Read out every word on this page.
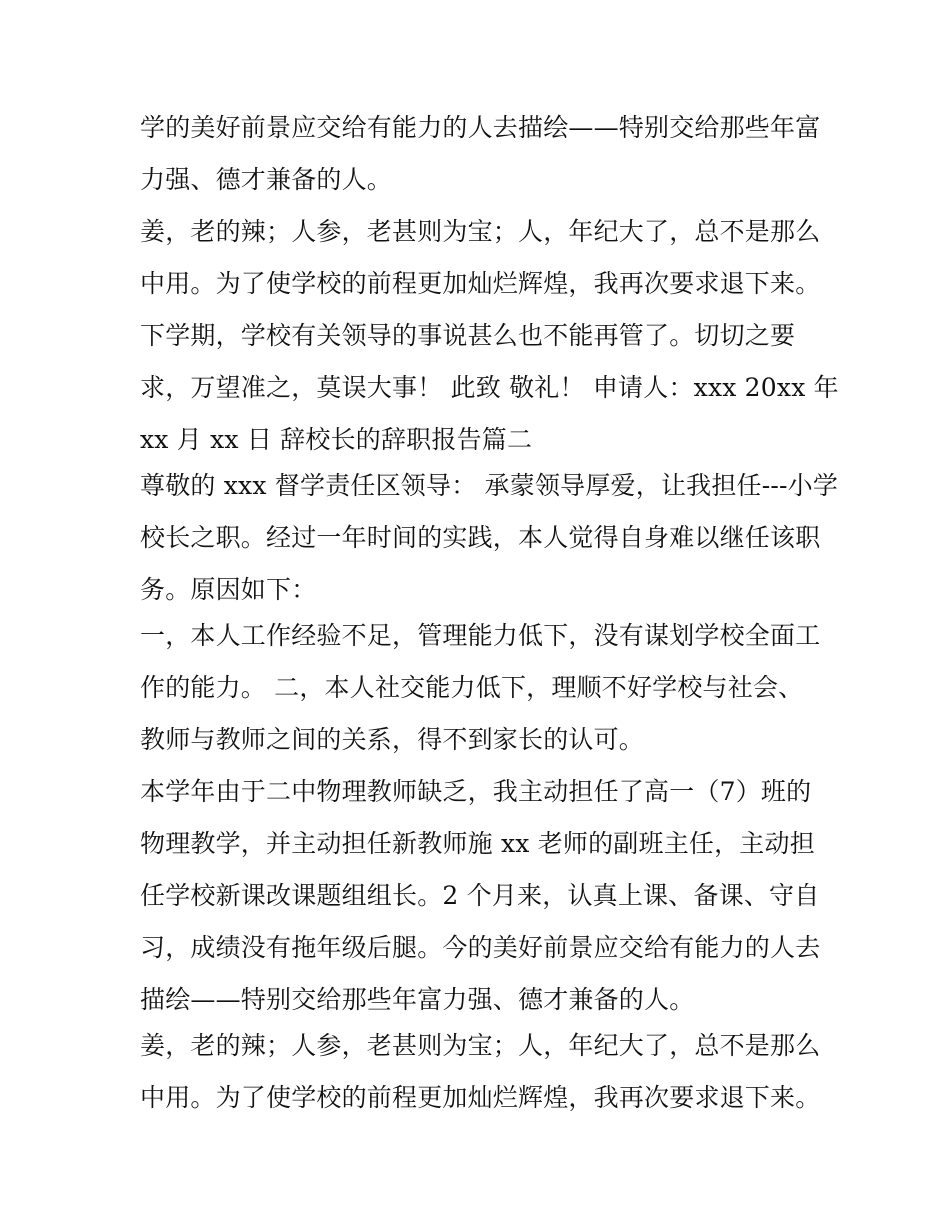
学的美好前景应交给有能力的人去描绘——特别交给那些年富
力强、德才兼备的人。
姜，老的辣；人参，老甚则为宝；人，年纪大了，总不是那么
中用。为了使学校的前程更加灿烂辉煌，我再次要求退下来。
下学期，学校有关领导的事说甚么也不能再管了。切切之要
求，万望准之，莫误大事！ 此致 敬礼！ 申请人：xxx 20xx 年
xx 月 xx 日 辞校长的辞职报告篇二
尊敬的 xxx 督学责任区领导： 承蒙领导厚爱，让我担任---小学
校长之职。经过一年时间的实践，本人觉得自身难以继任该职
务。原因如下：
一，本人工作经验不足，管理能力低下，没有谋划学校全面工
作的能力。 二，本人社交能力低下，理顺不好学校与社会、
教师与教师之间的关系，得不到家长的认可。
本学年由于二中物理教师缺乏，我主动担任了高一（7）班的
物理教学，并主动担任新教师施 xx 老师的副班主任，主动担
任学校新课改课题组组长。2 个月来，认真上课、备课、守自
习，成绩没有拖年级后腿。今的美好前景应交给有能力的人去
描绘——特别交给那些年富力强、德才兼备的人。
姜，老的辣；人参，老甚则为宝；人，年纪大了，总不是那么
中用。为了使学校的前程更加灿烂辉煌，我再次要求退下来。
